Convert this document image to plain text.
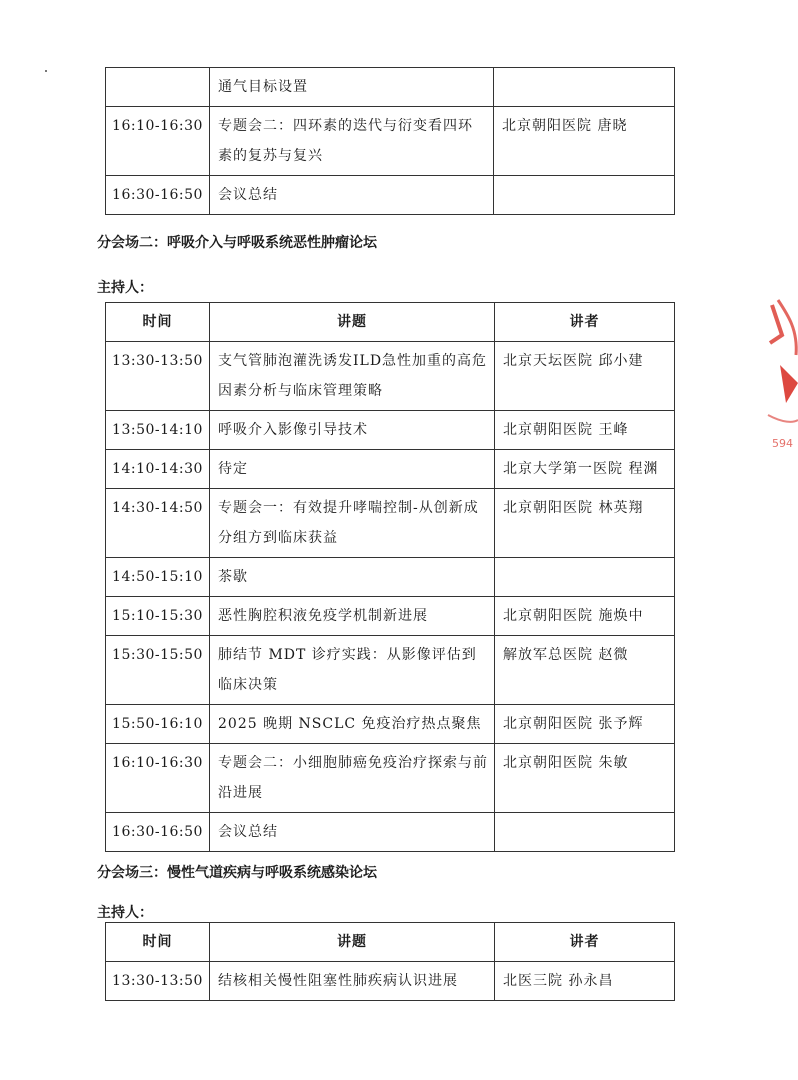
	通气目标设置	
16:10-16:30	专题会二：四环素的迭代与衍变看四环素的复苏与复兴	北京朝阳医院 唐晓
16:30-16:50	会议总结	
分会场二：呼吸介入与呼吸系统恶性肿瘤论坛
主持人：
时间	讲题	讲者
13:30-13:50	支气管肺泡灌洗诱发ILD急性加重的高危因素分析与临床管理策略	北京天坛医院 邱小建
13:50-14:10	呼吸介入影像引导技术	北京朝阳医院 王峰
14:10-14:30	待定	北京大学第一医院 程渊
14:30-14:50	专题会一：有效提升哮喘控制-从创新成分组方到临床获益	北京朝阳医院 林英翔
14:50-15:10	茶歇	
15:10-15:30	恶性胸腔积液免疫学机制新进展	北京朝阳医院 施焕中
15:30-15:50	肺结节 MDT 诊疗实践：从影像评估到临床决策	解放军总医院 赵微
15:50-16:10	2025 晚期 NSCLC 免疫治疗热点聚焦	北京朝阳医院 张予辉
16:10-16:30	专题会二：小细胞肺癌免疫治疗探索与前沿进展	北京朝阳医院 朱敏
16:30-16:50	会议总结	
分会场三：慢性气道疾病与呼吸系统感染论坛
主持人：
时间	讲题	讲者
13:30-13:50	结核相关慢性阻塞性肺疾病认识进展	北医三院 孙永昌
594
